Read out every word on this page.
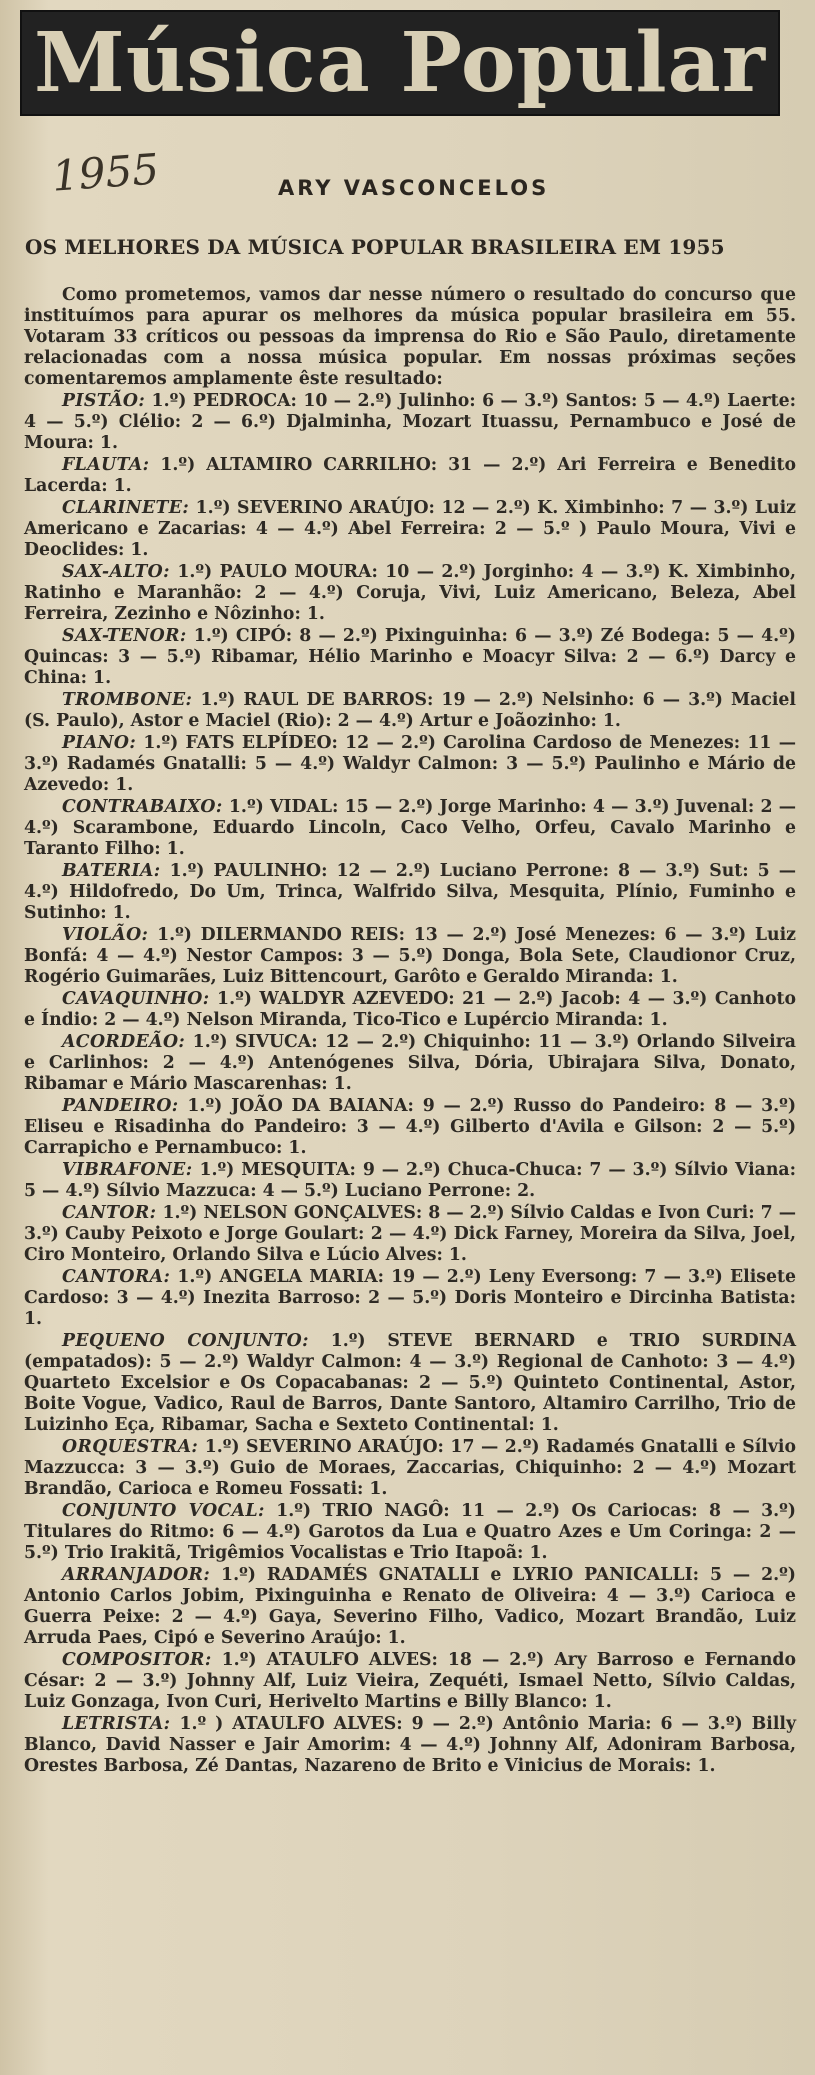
Música Popular
1955	ARY VASCONCELOS
OS MELHORES DA MÚSICA POPULAR BRASILEIRA EM 1955

Como prometemos, vamos dar nesse número o resultado do concurso que instituímos para apurar os melhores da música popular brasileira em 55. Votaram 33 críticos ou pessoas da imprensa do Rio e São Paulo, diretamente relacionadas com a nossa música popular. Em nossas próximas seções comentaremos amplamente êste resultado:

PISTÃO: 1.º) PEDROCA: 10 — 2.º) Julinho: 6 — 3.º) Santos: 5 — 4.º) Laerte: 4 — 5.º) Clélio: 2 — 6.º) Djalminha, Mozart Ituassu, Pernambuco e José de Moura: 1.

FLAUTA: 1.º) ALTAMIRO CARRILHO: 31 — 2.º) Ari Ferreira e Benedito Lacerda: 1.

CLARINETE: 1.º) SEVERINO ARAÚJO: 12 — 2.º) K. Ximbinho: 7 — 3.º) Luiz Americano e Zacarias: 4 — 4.º) Abel Ferreira: 2 — 5.º ) Paulo Moura, Vivi e Deoclides: 1.

SAX-ALTO: 1.º) PAULO MOURA: 10 — 2.º) Jorginho: 4 — 3.º) K. Ximbinho, Ratinho e Maranhão: 2 — 4.º) Coruja, Vivi, Luiz Americano, Beleza, Abel Ferreira, Zezinho e Nôzinho: 1.

SAX-TENOR: 1.º) CIPÓ: 8 — 2.º) Pixinguinha: 6 — 3.º) Zé Bodega: 5 — 4.º) Quincas: 3 — 5.º) Ribamar, Hélio Marinho e Moacyr Silva: 2 — 6.º) Darcy e China: 1.

TROMBONE: 1.º) RAUL DE BARROS: 19 — 2.º) Nelsinho: 6 — 3.º) Maciel (S. Paulo), Astor e Maciel (Rio): 2 — 4.º) Artur e Joãozinho: 1.

PIANO: 1.º) FATS ELPÍDEO: 12 — 2.º) Carolina Cardoso de Menezes: 11 — 3.º) Radamés Gnatalli: 5 — 4.º) Waldyr Calmon: 3 — 5.º) Paulinho e Mário de Azevedo: 1.

CONTRABAIXO: 1.º) VIDAL: 15 — 2.º) Jorge Marinho: 4 — 3.º) Juvenal: 2 — 4.º) Scarambone, Eduardo Lincoln, Caco Velho, Orfeu, Cavalo Marinho e Taranto Filho: 1.

BATERIA: 1.º) PAULINHO: 12 — 2.º) Luciano Perrone: 8 — 3.º) Sut: 5 — 4.º) Hildofredo, Do Um, Trinca, Walfrido Silva, Mesquita, Plínio, Fuminho e Sutinho: 1.

VIOLÃO: 1.º) DILERMANDO REIS: 13 — 2.º) José Menezes: 6 — 3.º) Luiz Bonfá: 4 — 4.º) Nestor Campos: 3 — 5.º) Donga, Bola Sete, Claudionor Cruz, Rogério Guimarães, Luiz Bittencourt, Garôto e Geraldo Miranda: 1.

CAVAQUINHO: 1.º) WALDYR AZEVEDO: 21 — 2.º) Jacob: 4 — 3.º) Canhoto e Índio: 2 — 4.º) Nelson Miranda, Tico-Tico e Lupércio Miranda: 1.

ACORDEÃO: 1.º) SIVUCA: 12 — 2.º) Chiquinho: 11 — 3.º) Orlando Silveira e Carlinhos: 2 — 4.º) Antenógenes Silva, Dória, Ubirajara Silva, Donato, Ribamar e Mário Mascarenhas: 1.

PANDEIRO: 1.º) JOÃO DA BAIANA: 9 — 2.º) Russo do Pandeiro: 8 — 3.º) Eliseu e Risadinha do Pandeiro: 3 — 4.º) Gilberto d'Avila e Gilson: 2 — 5.º) Carrapicho e Pernambuco: 1.

VIBRAFONE: 1.º) MESQUITA: 9 — 2.º) Chuca-Chuca: 7 — 3.º) Sílvio Viana: 5 — 4.º) Sílvio Mazzuca: 4 — 5.º) Luciano Perrone: 2.

CANTOR: 1.º) NELSON GONÇALVES: 8 — 2.º) Sílvio Caldas e Ivon Curi: 7 — 3.º) Cauby Peixoto e Jorge Goulart: 2 — 4.º) Dick Farney, Moreira da Silva, Joel, Ciro Monteiro, Orlando Silva e Lúcio Alves: 1.

CANTORA: 1.º) ANGELA MARIA: 19 — 2.º) Leny Eversong: 7 — 3.º) Elisete Cardoso: 3 — 4.º) Inezita Barroso: 2 — 5.º) Doris Monteiro e Dircinha Batista: 1.

PEQUENO CONJUNTO: 1.º) STEVE BERNARD e TRIO SURDINA (empatados): 5 — 2.º) Waldyr Calmon: 4 — 3.º) Regional de Canhoto: 3 — 4.º) Quarteto Excelsior e Os Copacabanas: 2 — 5.º) Quinteto Continental, Astor, Boite Vogue, Vadico, Raul de Barros, Dante Santoro, Altamiro Carrilho, Trio de Luizinho Eça, Ribamar, Sacha e Sexteto Continental: 1.

ORQUESTRA: 1.º) SEVERINO ARAÚJO: 17 — 2.º) Radamés Gnatalli e Sílvio Mazzucca: 3 — 3.º) Guio de Moraes, Zaccarias, Chiquinho: 2 — 4.º) Mozart Brandão, Carioca e Romeu Fossati: 1.

CONJUNTO VOCAL: 1.º) TRIO NAGÔ: 11 — 2.º) Os Cariocas: 8 — 3.º) Titulares do Ritmo: 6 — 4.º) Garotos da Lua e Quatro Azes e Um Coringa: 2 — 5.º) Trio Irakitã, Trigêmios Vocalistas e Trio Itapoã: 1.

ARRANJADOR: 1.º) RADAMÉS GNATALLI e LYRIO PANICALLI: 5 — 2.º) Antonio Carlos Jobim, Pixinguinha e Renato de Oliveira: 4 — 3.º) Carioca e Guerra Peixe: 2 — 4.º) Gaya, Severino Filho, Vadico, Mozart Brandão, Luiz Arruda Paes, Cipó e Severino Araújo: 1.

COMPOSITOR: 1.º) ATAULFO ALVES: 18 — 2.º) Ary Barroso e Fernando César: 2 — 3.º) Johnny Alf, Luiz Vieira, Zequéti, Ismael Netto, Sílvio Caldas, Luiz Gonzaga, Ivon Curi, Herivelto Martins e Billy Blanco: 1.

LETRISTA: 1.º ) ATAULFO ALVES: 9 — 2.º) Antônio Maria: 6 — 3.º) Billy Blanco, David Nasser e Jair Amorim: 4 — 4.º) Johnny Alf, Adoniram Barbosa, Orestes Barbosa, Zé Dantas, Nazareno de Brito e Vinicius de Morais: 1.
